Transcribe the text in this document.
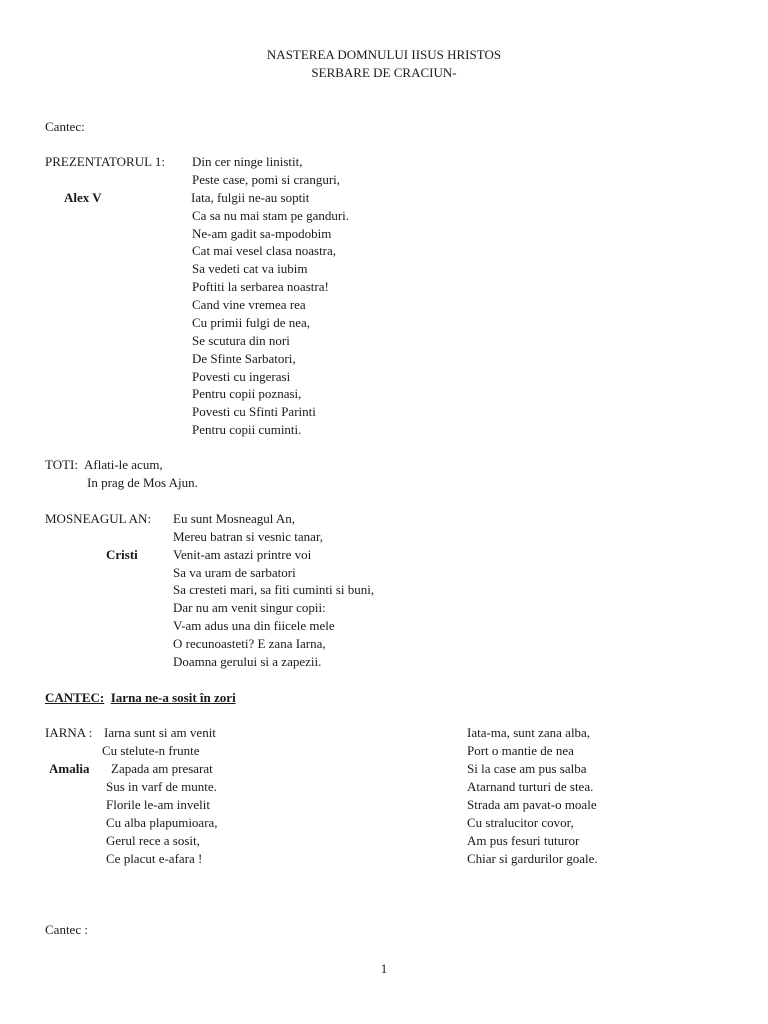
NASTEREA DOMNULUI IISUS HRISTOS
SERBARE DE CRACIUN-
Cantec:
PREZENTATORUL 1:
Alex V
Din cer ninge linistit,
Peste case, pomi si cranguri,
Iata, fulgii ne-au soptit
Ca sa nu mai stam pe ganduri.
Ne-am gadit sa-mpodobim
Cat mai vesel clasa noastra,
Sa vedeti cat va iubim
Poftiti la serbarea noastra!
Cand vine vremea rea
Cu primii fulgi de nea,
Se scutura din nori
De Sfinte Sarbatori,
Povesti cu ingerasi
Pentru copii poznasi,
Povesti cu Sfinti Parinti
Pentru copii cuminti.
TOTI: Aflati-le acum,
In prag de Mos Ajun.
MOSNEAGUL AN:
Cristi
Eu sunt Mosneagul An,
Mereu batran si vesnic tanar,
Venit-am astazi printre voi
Sa va uram de sarbatori
Sa cresteti mari, sa fiti cuminti si buni,
Dar nu am venit singur copii:
V-am adus una din fiicele mele
O recunoasteti? E zana Iarna,
Doamna gerului si a zapezii.
CANTEC: Iarna ne-a sosit în zori
IARNA :
Amalia
Iarna sunt si am venit
Cu stelute-n frunte
Zapada am presarat
Sus in varf de munte.
Florile le-am invelit
Cu alba plapumioara,
Gerul rece a sosit,
Ce placut e-afara !
Iata-ma, sunt zana alba,
Port o mantie de nea
Si la case am pus salba
Atarnand turturi de stea.
Strada am pavat-o moale
Cu stralucitor covor,
Am pus fesuri tuturor
Chiar si gardurilor goale.
Cantec :
1
